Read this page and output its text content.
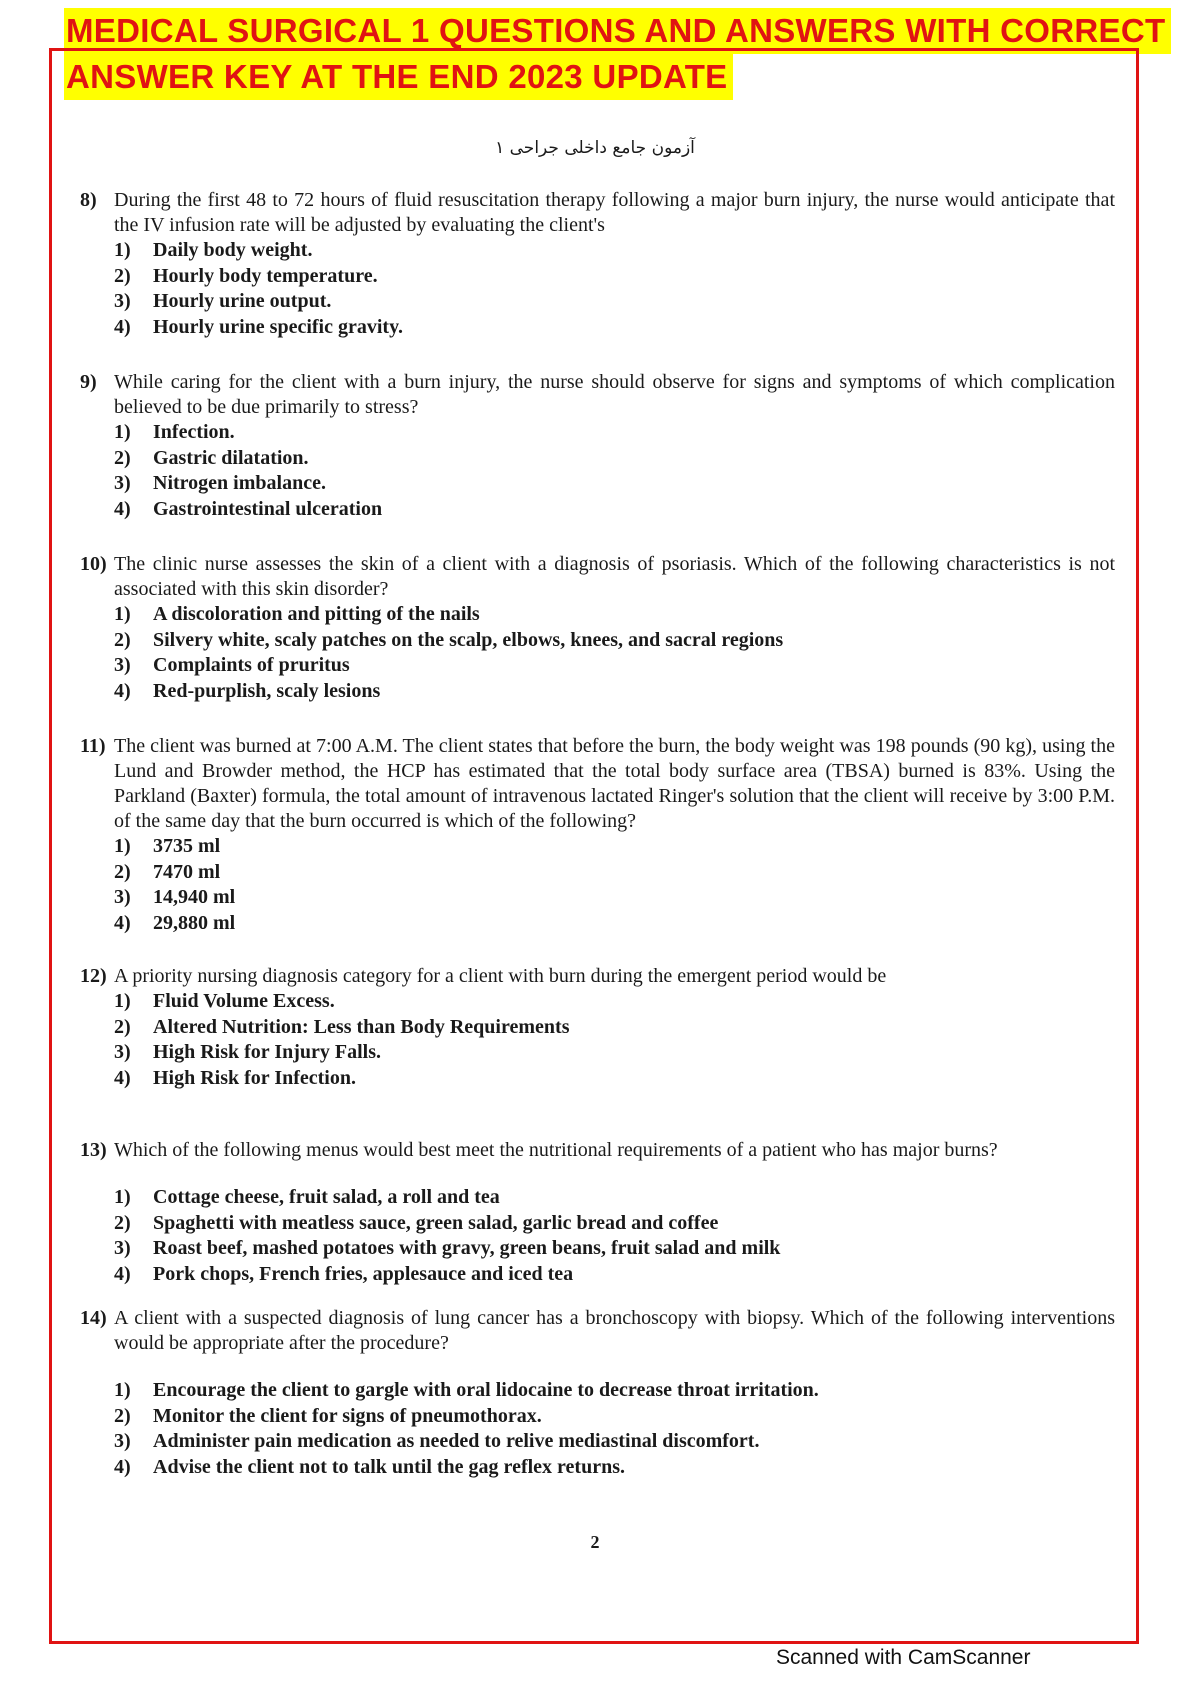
MEDICAL SURGICAL 1 QUESTIONS AND ANSWERS WITH CORRECT
ANSWER KEY AT THE END 2023 UPDATE
آزمون جامع داخلی جراحی ۱
8) During the first 48 to 72 hours of fluid resuscitation therapy following a major burn injury, the nurse would anticipate that the IV infusion rate will be adjusted by evaluating the client's
1)	Daily body weight.
2)	Hourly body temperature.
3)	Hourly urine output.
4)	Hourly urine specific gravity.
9) While caring for the client with a burn injury, the nurse should observe for signs and symptoms of which complication believed to be due primarily to stress?
1)	Infection.
2)	Gastric dilatation.
3)	Nitrogen imbalance.
4)	Gastrointestinal ulceration
10) The clinic nurse assesses the skin of a client with a diagnosis of psoriasis. Which of the following characteristics is not associated with this skin disorder?
1)	A discoloration and pitting of the nails
2)	Silvery white, scaly patches on the scalp, elbows, knees, and sacral regions
3)	Complaints of pruritus
4)	Red-purplish, scaly lesions
11) The client was burned at 7:00 A.M. The client states that before the burn, the body weight was 198 pounds (90 kg), using the Lund and Browder method, the HCP has estimated that the total body surface area (TBSA) burned is 83%. Using the Parkland (Baxter) formula, the total amount of intravenous lactated Ringer's solution that the client will receive by 3:00 P.M. of the same day that the burn occurred is which of the following?
1)	3735 ml
2)	7470 ml
3)	14,940 ml
4)	29,880 ml
12) A priority nursing diagnosis category for a client with burn during the emergent period would be
1)	Fluid Volume Excess.
2)	Altered Nutrition: Less than Body Requirements
3)	High Risk for Injury Falls.
4)	High Risk for Infection.
13) Which of the following menus would best meet the nutritional requirements of a patient who has major burns?
1)	Cottage cheese, fruit salad, a roll and tea
2)	Spaghetti with meatless sauce, green salad, garlic bread and coffee
3)	Roast beef, mashed potatoes with gravy, green beans, fruit salad and milk
4)	Pork chops, French fries, applesauce and iced tea
14) A client with a suspected diagnosis of lung cancer has a bronchoscopy with biopsy. Which of the following interventions would be appropriate after the procedure?
1)	Encourage the client to gargle with oral lidocaine to decrease throat irritation.
2)	Monitor the client for signs of pneumothorax.
3)	Administer pain medication as needed to relive mediastinal discomfort.
4)	Advise the client not to talk until the gag reflex returns.
2
Scanned with CamScanner
